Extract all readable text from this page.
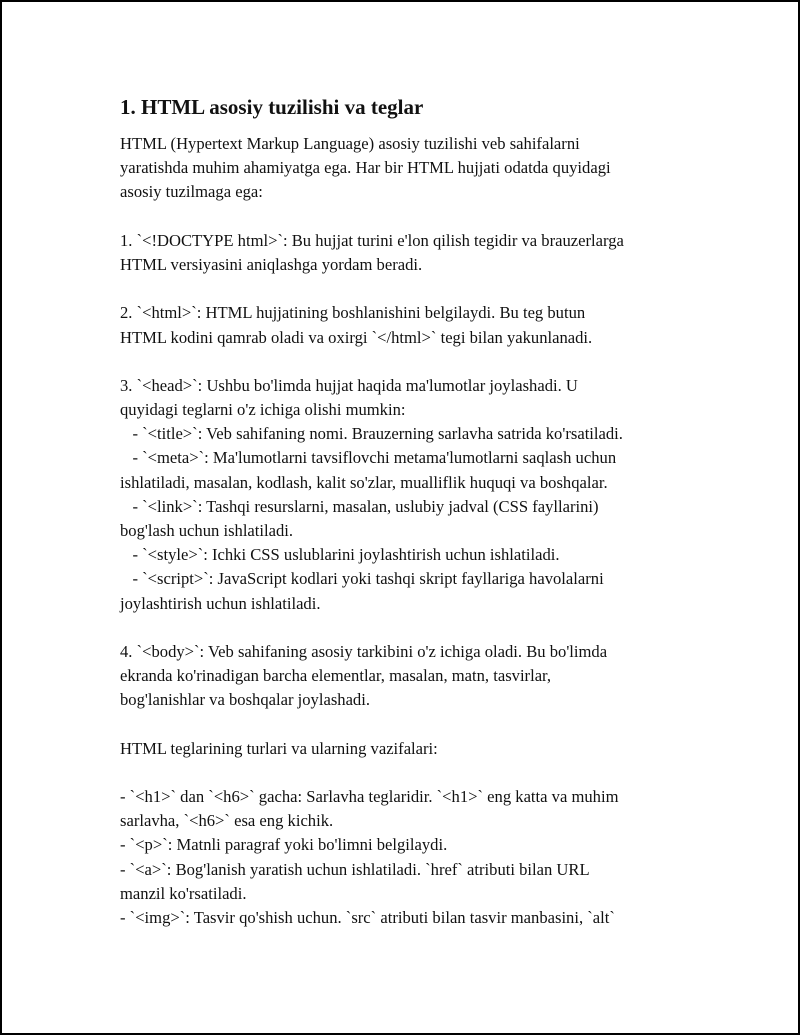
1. HTML asosiy tuzilishi va teglar

HTML (Hypertext Markup Language) asosiy tuzilishi veb sahifalarni

yaratishda muhim ahamiyatga ega. Har bir HTML hujjati odatda quyidagi

asosiy tuzilmaga ega:

1. `<!DOCTYPE html>`: Bu hujjat turini e'lon qilish tegidir va brauzerlarga

HTML versiyasini aniqlashga yordam beradi.

2. `<html>`: HTML hujjatining boshlanishini belgilaydi. Bu teg butun

HTML kodini qamrab oladi va oxirgi `</html>` tegi bilan yakunlanadi.

3. `<head>`: Ushbu bo'limda hujjat haqida ma'lumotlar joylashadi. U

quyidagi teglarni o'z ichiga olishi mumkin:

- `<title>`: Veb sahifaning nomi. Brauzerning sarlavha satrida ko'rsatiladi.

- `<meta>`: Ma'lumotlarni tavsiflovchi metama'lumotlarni saqlash uchun

ishlatiladi, masalan, kodlash, kalit so'zlar, mualliflik huquqi va boshqalar.

- `<link>`: Tashqi resurslarni, masalan, uslubiy jadval (CSS fayllarini)

bog'lash uchun ishlatiladi.

- `<style>`: Ichki CSS uslublarini joylashtirish uchun ishlatiladi.

- `<script>`: JavaScript kodlari yoki tashqi skript fayllariga havolalarni

joylashtirish uchun ishlatiladi.

4. `<body>`: Veb sahifaning asosiy tarkibini o'z ichiga oladi. Bu bo'limda

ekranda ko'rinadigan barcha elementlar, masalan, matn, tasvirlar,

bog'lanishlar va boshqalar joylashadi.

HTML teglarining turlari va ularning vazifalari:

- `<h1>` dan `<h6>` gacha: Sarlavha teglaridir. `<h1>` eng katta va muhim

sarlavha, `<h6>` esa eng kichik.

- `<p>`: Matnli paragraf yoki bo'limni belgilaydi.

- `<a>`: Bog'lanish yaratish uchun ishlatiladi. `href` atributi bilan URL

manzil ko'rsatiladi.

- `<img>`: Tasvir qo'shish uchun. `src` atributi bilan tasvir manbasini, `alt`
